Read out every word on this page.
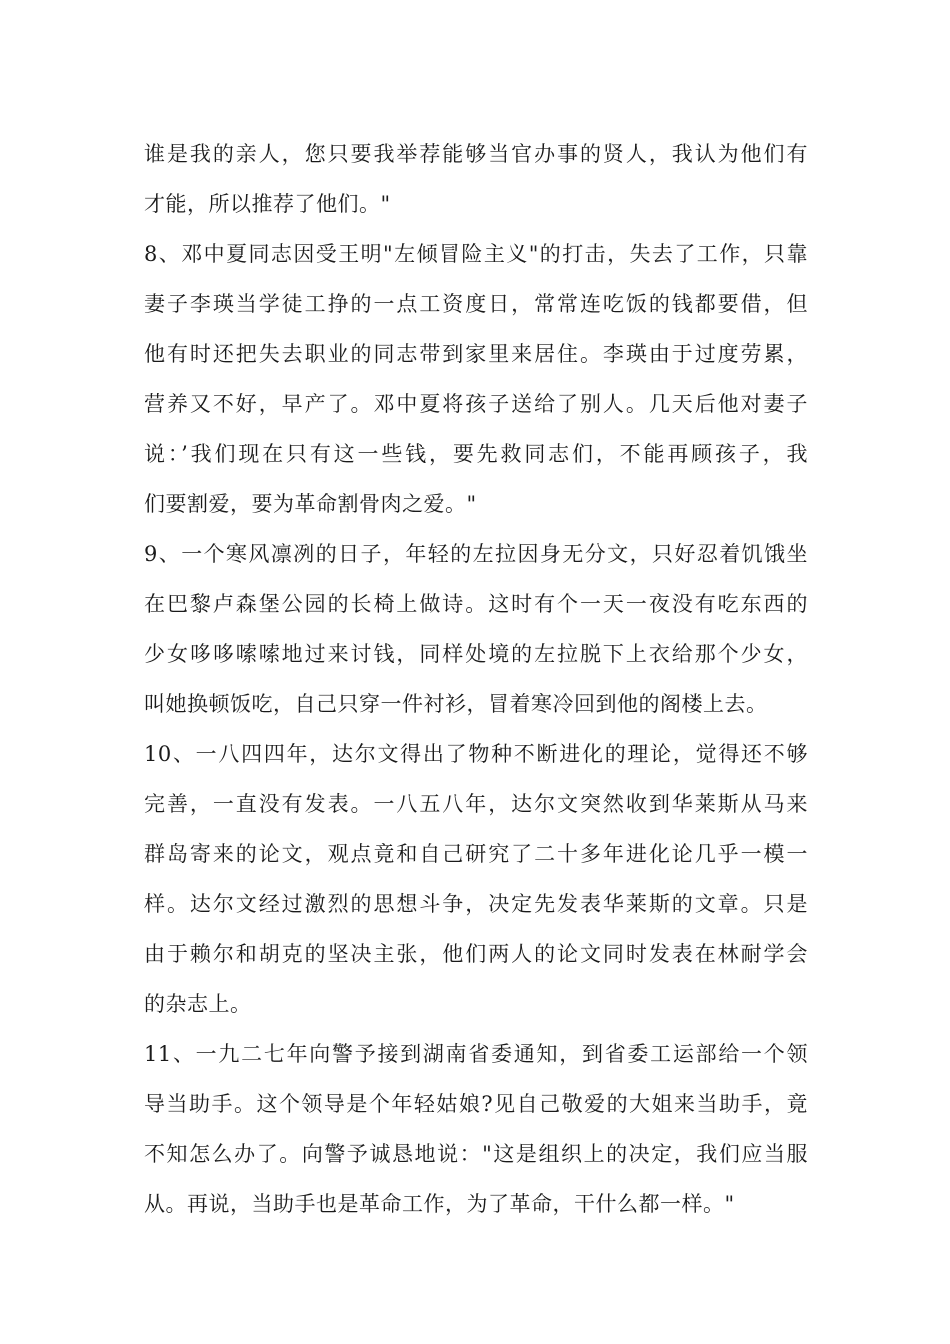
谁是我的亲人，您只要我举荐能够当官办事的贤人，我认为他们有
才能，所以推荐了他们。"
8、邓中夏同志因受王明"左倾冒险主义"的打击，失去了工作，只靠
妻子李瑛当学徒工挣的一点工资度日，常常连吃饭的钱都要借，但
他有时还把失去职业的同志带到家里来居住。李瑛由于过度劳累，
营养又不好，早产了。邓中夏将孩子送给了别人。几天后他对妻子
说：’我们现在只有这一些钱，要先救同志们，不能再顾孩子，我
们要割爱，要为革命割骨肉之爱。"
9、一个寒风凛冽的日子，年轻的左拉因身无分文，只好忍着饥饿坐
在巴黎卢森堡公园的长椅上做诗。这时有个一天一夜没有吃东西的
少女哆哆嗦嗦地过来讨钱，同样处境的左拉脱下上衣给那个少女，
叫她换顿饭吃，自己只穿一件衬衫，冒着寒冷回到他的阁楼上去。
10、一八四四年，达尔文得出了物种不断进化的理论，觉得还不够
完善，一直没有发表。一八五八年，达尔文突然收到华莱斯从马来
群岛寄来的论文，观点竟和自己研究了二十多年进化论几乎一模一
样。达尔文经过激烈的思想斗争，决定先发表华莱斯的文章。只是
由于赖尔和胡克的坚决主张，他们两人的论文同时发表在林耐学会
的杂志上。
11、一九二七年向警予接到湖南省委通知，到省委工运部给一个领
导当助手。这个领导是个年轻姑娘?见自己敬爱的大姐来当助手，竟
不知怎么办了。向警予诚恳地说："这是组织上的决定，我们应当服
从。再说，当助手也是革命工作，为了革命，干什么都一样。"
